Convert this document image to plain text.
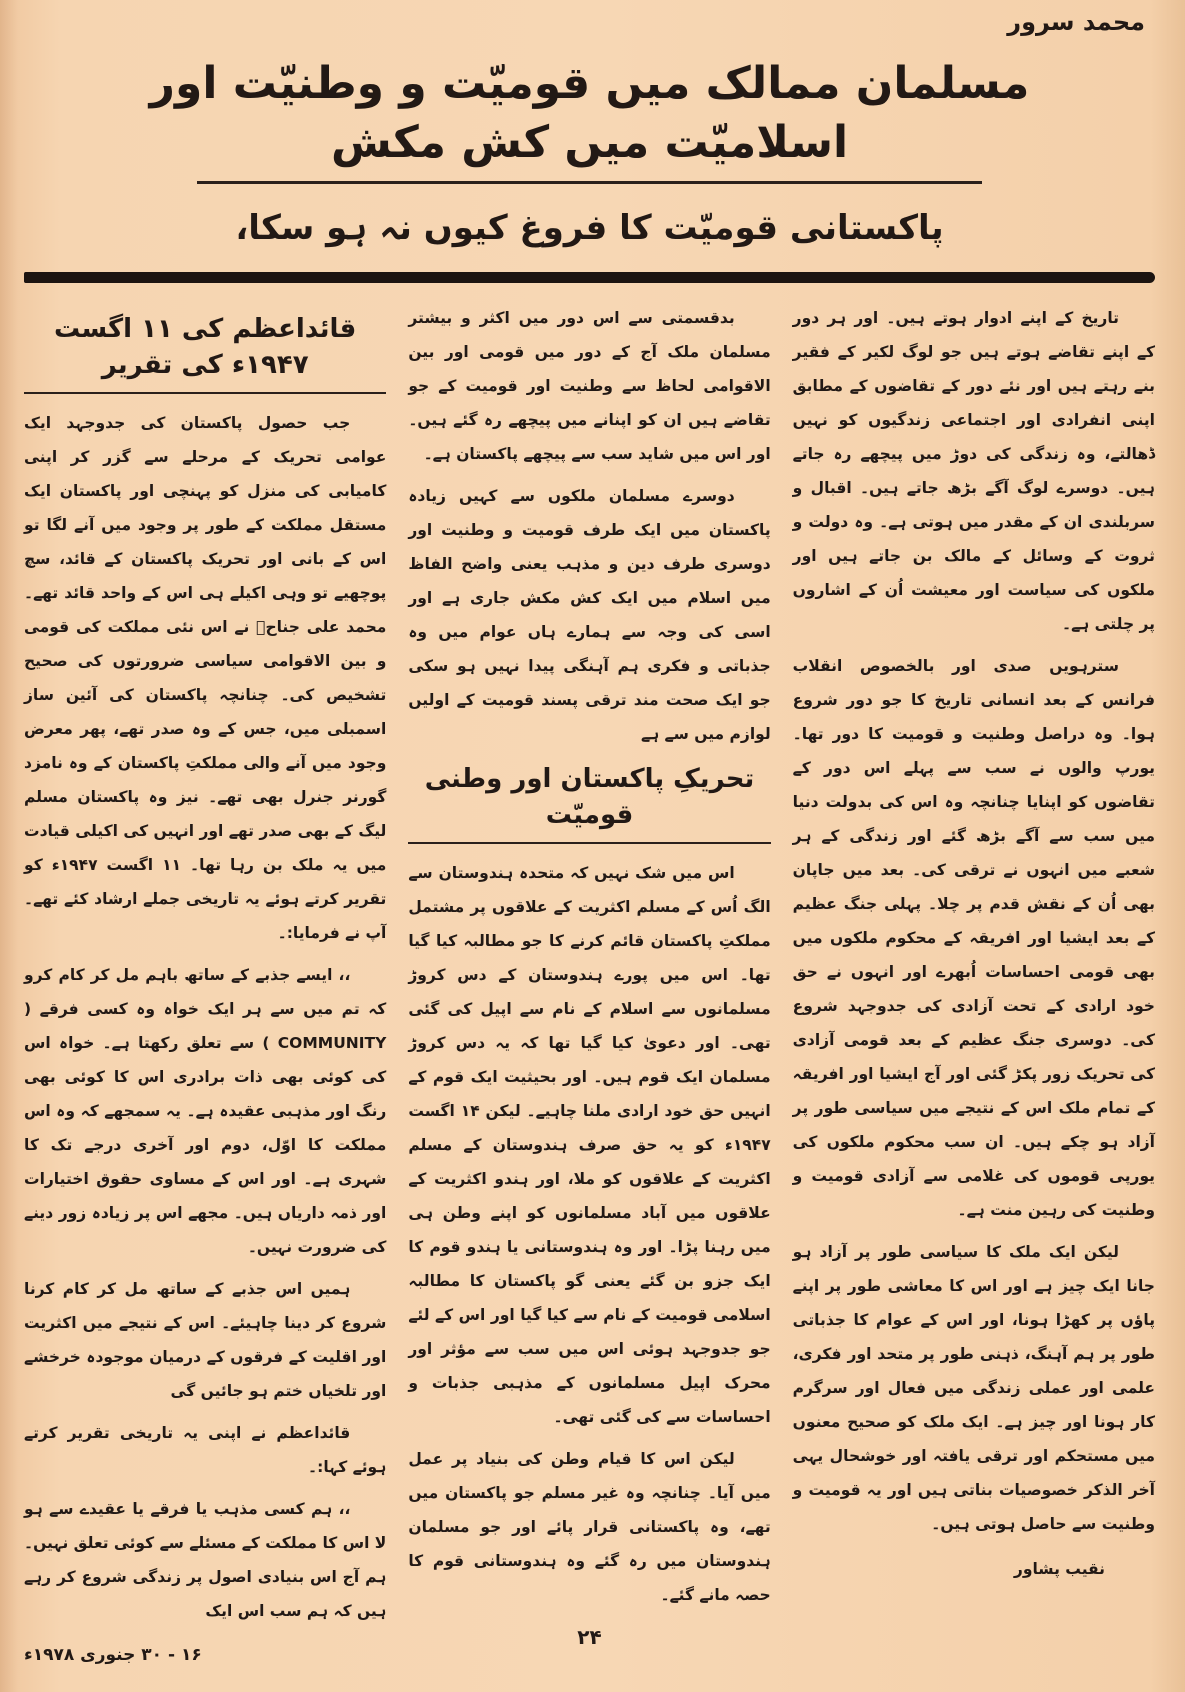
محمد سرور
مسلمان ممالک میں قومیّت و وطنیّت اور اسلامیّت میں کش مکش
پاکستانی قومیّت کا فروغ کیوں نہ ہو سکا،

تاریخ کے اپنے ادوار ہوتے ہیں۔ اور ہر دور کے اپنے تقاضے ہوتے ہیں جو لوگ لکیر کے فقیر بنے رہتے ہیں اور نئے دور کے تقاضوں کے مطابق اپنی انفرادی اور اجتماعی زندگیوں کو نہیں ڈھالتے، وہ زندگی کی دوڑ میں پیچھے رہ جاتے ہیں۔ دوسرے لوگ آگے بڑھ جاتے ہیں۔ اقبال و سربلندی ان کے مقدر میں ہوتی ہے۔ وہ دولت و ثروت کے وسائل کے مالک بن جاتے ہیں اور ملکوں کی سیاست اور معیشت اُن کے اشاروں پر چلتی ہے۔

سترہویں صدی اور بالخصوص انقلاب فرانس کے بعد انسانی تاریخ کا جو دور شروع ہوا۔ وہ دراصل وطنیت و قومیت کا دور تھا۔ یورپ والوں نے سب سے پہلے اس دور کے تقاضوں کو اپنایا چنانچہ وہ اس کی بدولت دنیا میں سب سے آگے بڑھ گئے اور زندگی کے ہر شعبے میں انہوں نے ترقی کی۔ بعد میں جاپان بھی اُن کے نقش قدم پر چلا۔ پہلی جنگ عظیم کے بعد ایشیا اور افریقہ کے محکوم ملکوں میں بھی قومی احساسات اُبھرے اور انہوں نے حق خود ارادی کے تحت آزادی کی جدوجہد شروع کی۔ دوسری جنگ عظیم کے بعد قومی آزادی کی تحریک زور پکڑ گئی اور آج ایشیا اور افریقہ کے تمام ملک اس کے نتیجے میں سیاسی طور پر آزاد ہو چکے ہیں۔ ان سب محکوم ملکوں کی یورپی قوموں کی غلامی سے آزادی قومیت و وطنیت کی رہین منت ہے۔

لیکن ایک ملک کا سیاسی طور پر آزاد ہو جانا ایک چیز ہے اور اس کا معاشی طور پر اپنے پاؤں پر کھڑا ہونا، اور اس کے عوام کا جذباتی طور پر ہم آہنگ، ذہنی طور پر متحد اور فکری، علمی اور عملی زندگی میں فعال اور سرگرم کار ہونا اور چیز ہے۔ ایک ملک کو صحیح معنوں میں مستحکم اور ترقی یافتہ اور خوشحال یہی آخر الذکر خصوصیات بناتی ہیں اور یہ قومیت و وطنیت سے حاصل ہوتی ہیں۔

نقیب پشاور

بدقسمتی سے اس دور میں اکثر و بیشتر مسلمان ملک آج کے دور میں قومی اور بین الاقوامی لحاظ سے وطنیت اور قومیت کے جو تقاضے ہیں ان کو اپنانے میں پیچھے رہ گئے ہیں۔ اور اس میں شاید سب سے پیچھے پاکستان ہے۔

دوسرے مسلمان ملکوں سے کہیں زیادہ پاکستان میں ایک طرف قومیت و وطنیت اور دوسری طرف دین و مذہب یعنی واضح الفاظ میں اسلام میں ایک کش مکش جاری ہے اور اسی کی وجہ سے ہمارے ہاں عوام میں وہ جذباتی و فکری ہم آہنگی پیدا نہیں ہو سکی جو ایک صحت مند ترقی پسند قومیت کے اولیں لوازم میں سے ہے

تحریکِ پاکستان اور وطنی قومیّت

اس میں شک نہیں کہ متحدہ ہندوستان سے الگ اُس کے مسلم اکثریت کے علاقوں پر مشتمل مملکتِ پاکستان قائم کرنے کا جو مطالبہ کیا گیا تھا۔ اس میں پورے ہندوستان کے دس کروڑ مسلمانوں سے اسلام کے نام سے اپیل کی گئی تھی۔ اور دعویٰ کیا گیا تھا کہ یہ دس کروڑ مسلمان ایک قوم ہیں۔ اور بحیثیت ایک قوم کے انہیں حق خود ارادی ملنا چاہیے۔ لیکن ۱۴ اگست ۱۹۴۷ء کو یہ حق صرف ہندوستان کے مسلم اکثریت کے علاقوں کو ملا، اور ہندو اکثریت کے علاقوں میں آباد مسلمانوں کو اپنے وطن ہی میں رہنا پڑا۔ اور وہ ہندوستانی یا ہندو قوم کا ایک جزو بن گئے یعنی گو پاکستان کا مطالبہ اسلامی قومیت کے نام سے کیا گیا اور اس کے لئے جو جدوجہد ہوئی اس میں سب سے مؤثر اور محرک اپیل مسلمانوں کے مذہبی جذبات و احساسات سے کی گئی تھی۔

لیکن اس کا قیام وطن کی بنیاد پر عمل میں آیا۔ چنانچہ وہ غیر مسلم جو پاکستان میں تھے، وہ پاکستانی قرار پائے اور جو مسلمان ہندوستان میں رہ گئے وہ ہندوستانی قوم کا حصہ مانے گئے۔

۲۴
قائداعظم کی ۱۱ اگست ۱۹۴۷ء کی تقریر

جب حصول پاکستان کی جدوجہد ایک عوامی تحریک کے مرحلے سے گزر کر اپنی کامیابی کی منزل کو پہنچی اور پاکستان ایک مستقل مملکت کے طور پر وجود میں آنے لگا تو اس کے بانی اور تحریک پاکستان کے قائد، سچ پوچھیے تو وہی اکیلے ہی اس کے واحد قائد تھے۔ محمد علی جناحؒ نے اس نئی مملکت کی قومی و بین الاقوامی سیاسی ضرورتوں کی صحیح تشخیص کی۔ چنانچہ پاکستان کی آئین ساز اسمبلی میں، جس کے وہ صدر تھے، پھر معرض وجود میں آنے والی مملکتِ پاکستان کے وہ نامزد گورنر جنرل بھی تھے۔ نیز وہ پاکستان مسلم لیگ کے بھی صدر تھے اور انہیں کی اکیلی قیادت میں یہ ملک بن رہا تھا۔ ۱۱ اگست ۱۹۴۷ء کو تقریر کرتے ہوئے یہ تاریخی جملے ارشاد کئے تھے۔ آپ نے فرمایا:۔

،، ایسے جذبے کے ساتھ باہم مل کر کام کرو کہ تم میں سے ہر ایک خواہ وہ کسی فرقے ( COMMUNITY ) سے تعلق رکھتا ہے۔ خواہ اس کی کوئی بھی ذات برادری اس کا کوئی بھی رنگ اور مذہبی عقیدہ ہے۔ یہ سمجھے کہ وہ اس مملکت کا اوّل، دوم اور آخری درجے تک کا شہری ہے۔ اور اس کے مساوی حقوق اختیارات اور ذمہ داریاں ہیں۔ مجھے اس پر زیادہ زور دینے کی ضرورت نہیں۔

ہمیں اس جذبے کے ساتھ مل کر کام کرنا شروع کر دینا چاہیئے۔ اس کے نتیجے میں اکثریت اور اقلیت کے فرقوں کے درمیان موجودہ خرخشے اور تلخیاں ختم ہو جائیں گی

قائداعظم نے اپنی یہ تاریخی تقریر کرتے ہوئے کہا:۔

،، ہم کسی مذہب یا فرقے یا عقیدے سے ہو لا اس کا مملکت کے مسئلے سے کوئی تعلق نہیں۔ ہم آج اس بنیادی اصول پر زندگی شروع کر رہے ہیں کہ ہم سب اس ایک

۱۶ - ۳۰ جنوری ۱۹۷۸ء
